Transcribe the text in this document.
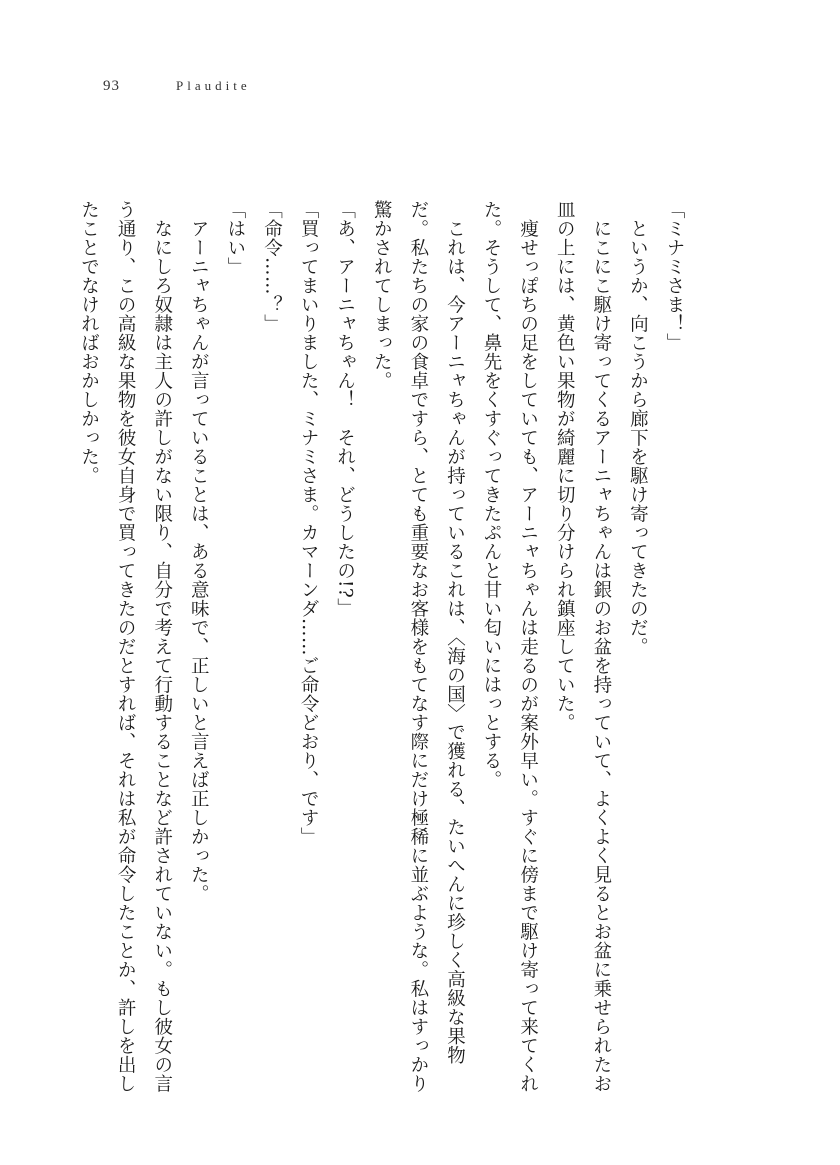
93	Plaudite

「ミナミさま！」

　というか、向こうから廊下を駆け寄ってきたのだ。

　にこにこ駆け寄ってくるアーニャちゃんは銀のお盆を持っていて、よくよく見るとお盆に乗せられたお皿の上には、黄色い果物が綺麗に切り分けられ鎮座していた。

　痩せっぽちの足をしていても、アーニャちゃんは走るのが案外早い。すぐに傍まで駆け寄って来てくれた。そうして、鼻先をくすぐってきたぷんと甘い匂いにはっとする。

　これは、今アーニャちゃんが持っているこれは、〈海の国〉で獲れる、たいへんに珍しく高級な果物だ。私たちの家の食卓ですら、とても重要なお客様をもてなす際にだけ極稀に並ぶような。私はすっかり驚かされてしまった。

「あ、アーニャちゃん！　それ、どうしたの!?」

「買ってまいりました、ミナミさま。カマーンダ……ご命令どおり、です」

「命令……？」

「はい」

　アーニャちゃんが言っていることは、ある意味で、正しいと言えば正しかった。

　なにしろ奴隷は主人の許しがない限り、自分で考えて行動することなど許されていない。もし彼女の言う通り、この高級な果物を彼女自身で買ってきたのだとすれば、それは私が命令したことか、許しを出したことでなければおかしかった。
